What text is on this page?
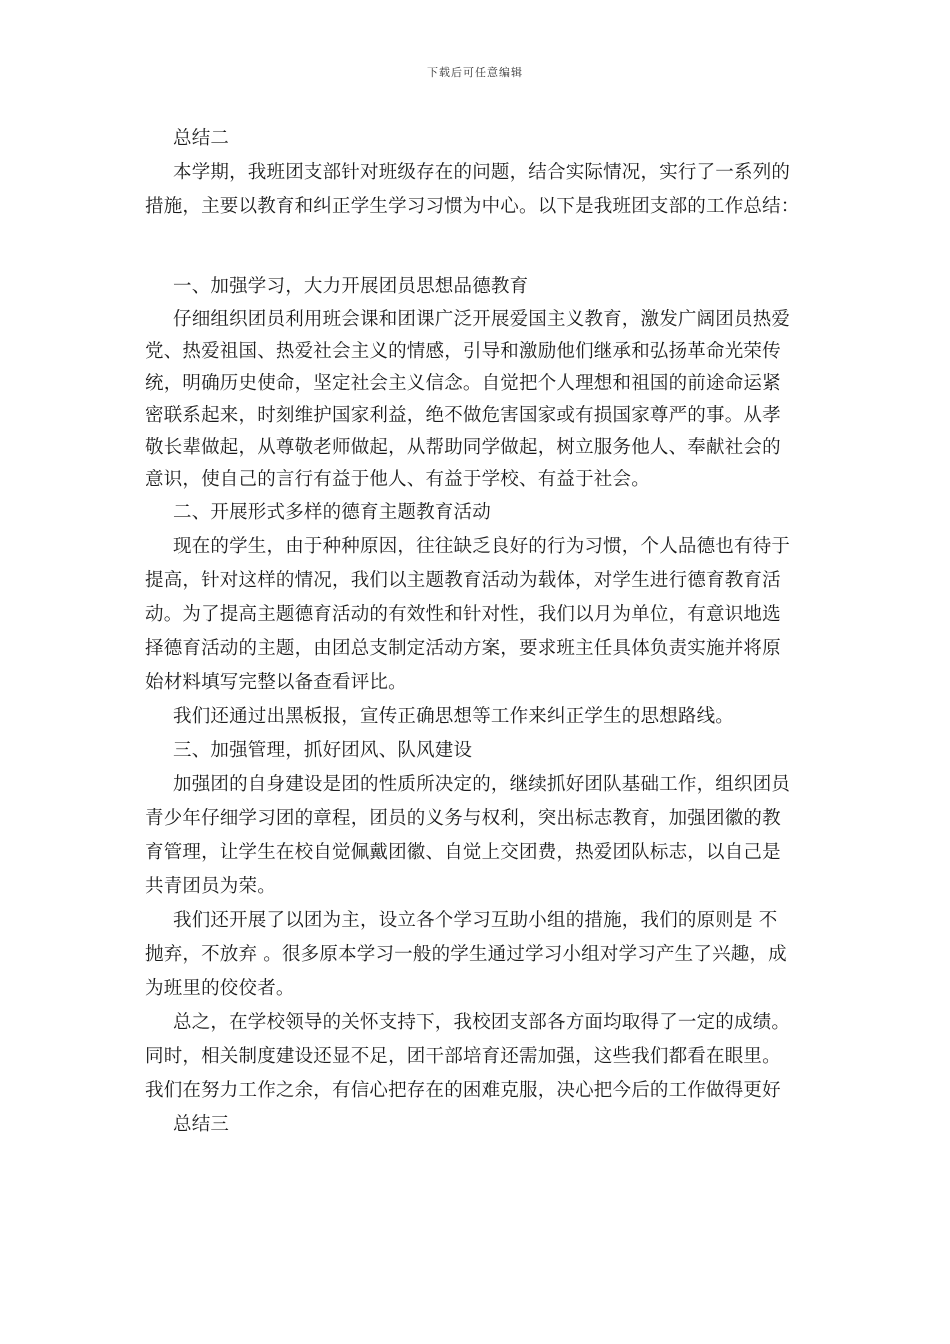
下载后可任意编辑
总结二
本学期，我班团支部针对班级存在的问题，结合实际情况，实行了一系列的
措施，主要以教育和纠正学生学习习惯为中心。以下是我班团支部的工作总结：
一、加强学习，大力开展团员思想品德教育
仔细组织团员利用班会课和团课广泛开展爱国主义教育，激发广阔团员热爱
党、热爱祖国、热爱社会主义的情感，引导和激励他们继承和弘扬革命光荣传
统，明确历史使命，坚定社会主义信念。自觉把个人理想和祖国的前途命运紧
密联系起来，时刻维护国家利益，绝不做危害国家或有损国家尊严的事。从孝
敬长辈做起，从尊敬老师做起，从帮助同学做起，树立服务他人、奉献社会的
意识，使自己的言行有益于他人、有益于学校、有益于社会。
二、开展形式多样的德育主题教育活动
现在的学生，由于种种原因，往往缺乏良好的行为习惯，个人品德也有待于
提高，针对这样的情况，我们以主题教育活动为载体，对学生进行德育教育活
动。为了提高主题德育活动的有效性和针对性，我们以月为单位，有意识地选
择德育活动的主题，由团总支制定活动方案，要求班主任具体负责实施并将原
始材料填写完整以备查看评比。
我们还通过出黑板报，宣传正确思想等工作来纠正学生的思想路线。
三、加强管理，抓好团风、队风建设
加强团的自身建设是团的性质所决定的，继续抓好团队基础工作，组织团员
青少年仔细学习团的章程，团员的义务与权利，突出标志教育，加强团徽的教
育管理，让学生在校自觉佩戴团徽、自觉上交团费，热爱团队标志，以自己是
共青团员为荣。
我们还开展了以团为主，设立各个学习互助小组的措施，我们的原则是 不
抛弃，不放弃 。很多原本学习一般的学生通过学习小组对学习产生了兴趣，成
为班里的佼佼者。
总之，在学校领导的关怀支持下，我校团支部各方面均取得了一定的成绩。
同时，相关制度建设还显不足，团干部培育还需加强，这些我们都看在眼里。
我们在努力工作之余，有信心把存在的困难克服，决心把今后的工作做得更好
总结三
